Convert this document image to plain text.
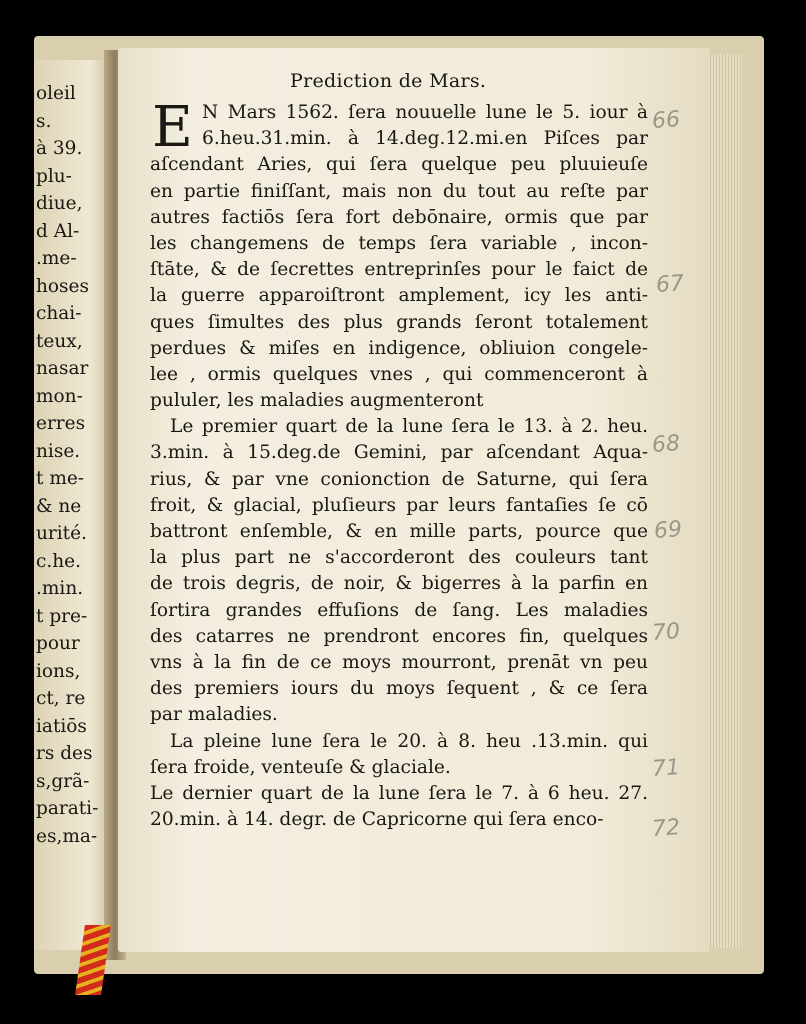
oleil
s.
à 39.
plu-
diue,
d Al-
.me-
hoses
chai-
teux,
nasar
mon-
erres
nise.
t me-
& ne
urité.
c.he.
.min.
t pre-
pour
ions,
ct, re
iatiōs
rs des
s,grã-
parati-
es,ma-
Prediction de Mars.
E N Mars 1562. ſera nouuelle lune le 5. iour à
6.heu.31.min. à 14.deg.12.mi.en Piſces par
aſcendant Aries, qui ſera quelque peu pluuieuſe
en partie finiſſant, mais non du tout au reſte par
autres factiōs ſera fort debōnaire, ormis que par
les changemens de temps ſera variable , incon-
ſtāte, & de ſecrettes entreprinſes pour le faict de
la guerre apparoiſtront amplement, icy les anti-
ques ſimultes des plus grands ſeront totalement
perdues & miſes en indigence, obliuion congele-
lee , ormis quelques vnes , qui commenceront à
pululer, les maladies augmenteront
Le premier quart de la lune ſera le 13. à 2. heu.
3.min. à 15.deg.de Gemini, par aſcendant Aqua-
rius, & par vne conionction de Saturne, qui ſera
froit, & glacial, pluſieurs par leurs fantaſies ſe cō
battront enſemble, & en mille parts, pource que
la plus part ne s'accorderont des couleurs tant
de trois degris, de noir, & bigerres à la parfin en
ſortira grandes effuſions de ſang. Les maladies
des catarres ne prendront encores fin, quelques
vns à la fin de ce moys mourront, prenāt vn peu
des premiers iours du moys ſequent , & ce ſera
par maladies.
La pleine lune ſera le 20. à 8. heu .13.min. qui
ſera froide, venteuſe & glaciale.
Le dernier quart de la lune ſera le 7. à 6 heu. 27.
20.min. à 14. degr. de Capricorne qui ſera enco-
66
67
68
69
70
71
72
